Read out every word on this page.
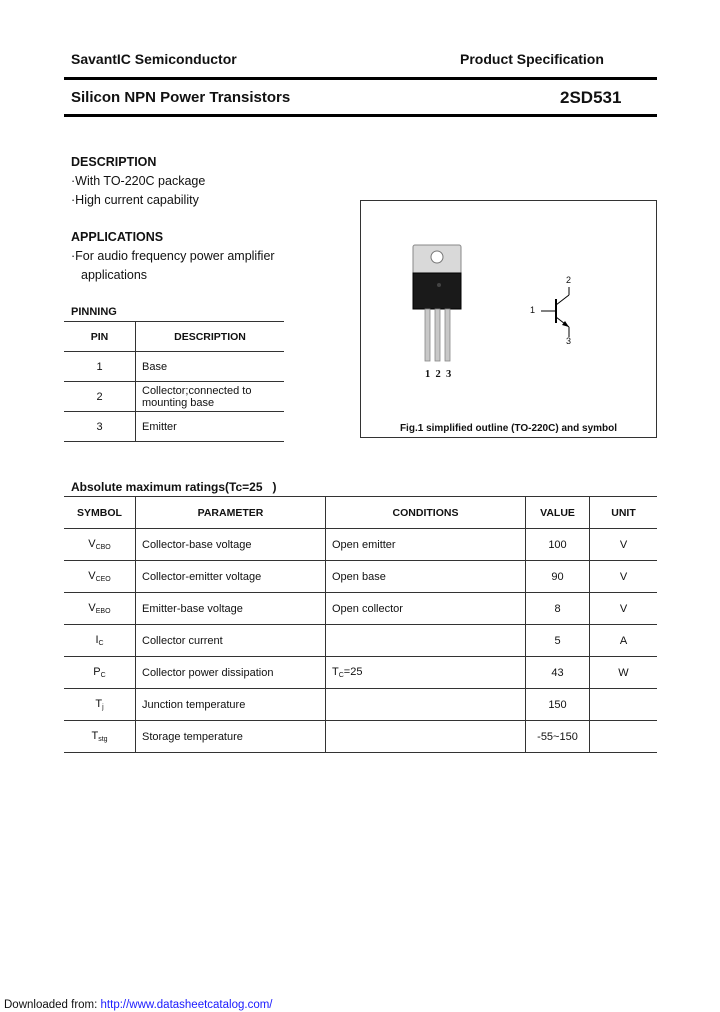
SavantIC Semiconductor	Product Specification
Silicon NPN Power Transistors	2SD531
DESCRIPTION
·With TO-220C package
·High current capability
APPLICATIONS
·For audio frequency power amplifier
applications
PINNING
PIN	DESCRIPTION
1	Base
2	Collector;connected to mounting base
3	Emitter
1  2  3
1
2
3
Fig.1 simplified outline (TO-220C) and symbol
Absolute maximum ratings(Tc=25   )
SYMBOL	PARAMETER	CONDITIONS	VALUE	UNIT
$V_{CBO}$	Collector-base voltage	Open emitter	100	V
$V_{CEO}$	Collector-emitter voltage	Open base	90	V
$V_{EBO}$	Emitter-base voltage	Open collector	8	V
$I_C$	Collector current		5	A
$P_C$	Collector power dissipation	$T_C=25$	43	W
$T_j$	Junction temperature		150	
$T_{stg}$	Storage temperature		-55~150	
Downloaded from: http://www.datasheetcatalog.com/
